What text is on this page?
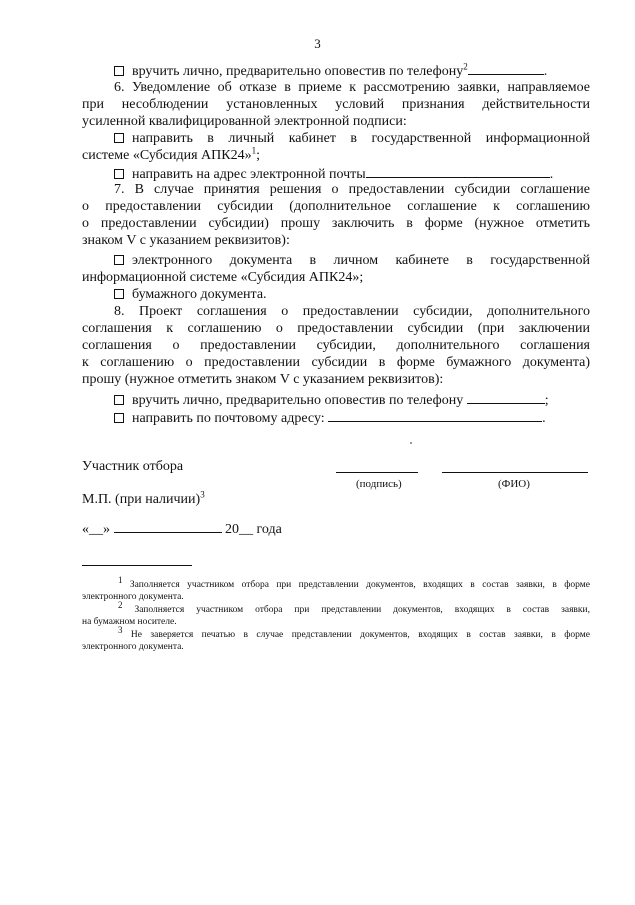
3
вручить лично, предварительно оповестив по телефону$^2$	.
6. Уведомление об отказе в приеме к рассмотрению заявки, направляемое
при несоблюдении установленных условий признания действительности
усиленной квалифицированной электронной подписи:
направить в личный кабинет в государственной информационной
системе «Субсидия АПК24»$^1$;
направить на адрес электронной почты	.
7. В случае принятия решения о предоставлении субсидии соглашение
о предоставлении субсидии (дополнительное соглашение к соглашению
о предоставлении субсидии) прошу заключить в форме (нужное отметить
знаком V с указанием реквизитов):
электронного документа в личном кабинете в государственной
информационной системе «Субсидия АПК24»;
бумажного документа.
8. Проект соглашения о предоставлении субсидии, дополнительного
соглашения к соглашению о предоставлении субсидии (при заключении
соглашения о предоставлении субсидии, дополнительного соглашения
к соглашению о предоставлении субсидии в форме бумажного документа)
прошу (нужное отметить знаком V с указанием реквизитов):
вручить лично, предварительно оповестив по телефону	;
направить по почтовому адресу:	.
Участник отбора
(подпись)	(ФИО)
М.П. (при наличии)$^3$
«__»	20__ года
$^1$ Заполняется участником отбора при представлении документов, входящих в состав заявки, в форме
электронного документа.
$^2$ Заполняется участником отбора при представлении документов, входящих в состав заявки,
на бумажном носителе.
$^3$ Не заверяется печатью в случае представлении документов, входящих в состав заявки, в форме
электронного документа.
